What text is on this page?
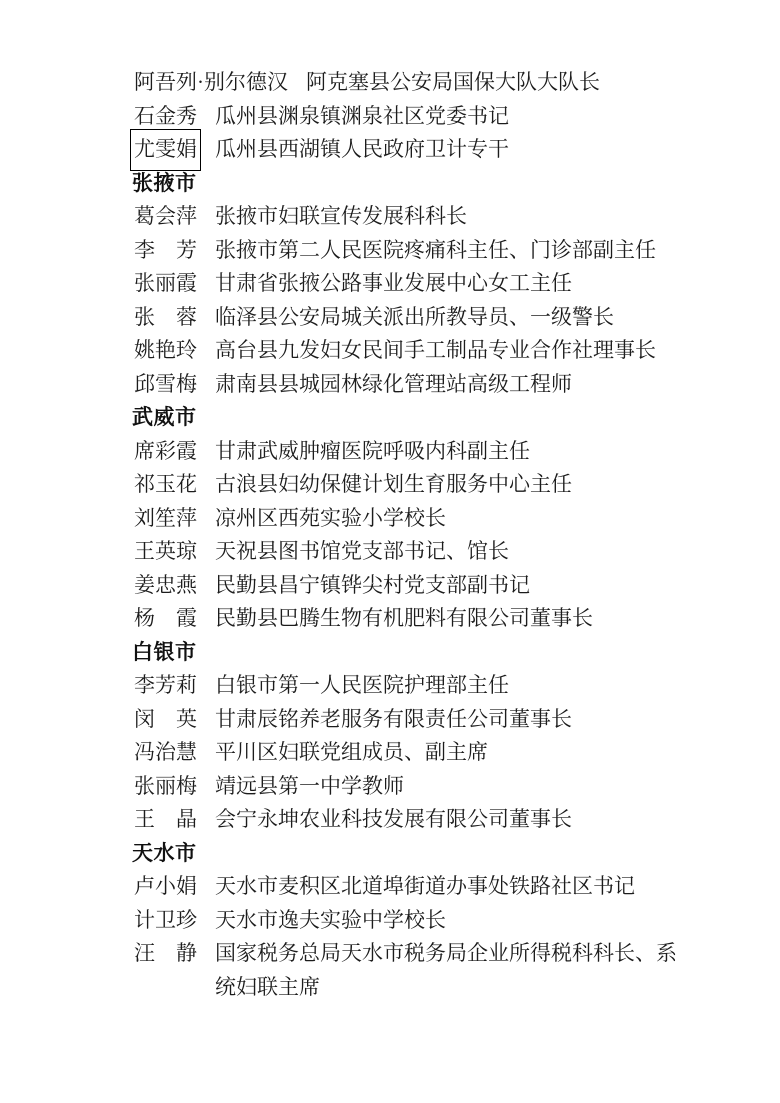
阿吾列·别尔德汉 阿克塞县公安局国保大队大队长
石金秀 瓜州县渊泉镇渊泉社区党委书记
尤雯娟 瓜州县西湖镇人民政府卫计专干
张掖市
葛会萍 张掖市妇联宣传发展科科长
李　芳 张掖市第二人民医院疼痛科主任、门诊部副主任
张丽霞 甘肃省张掖公路事业发展中心女工主任
张　蓉 临泽县公安局城关派出所教导员、一级警长
姚艳玲 高台县九发妇女民间手工制品专业合作社理事长
邱雪梅 肃南县县城园林绿化管理站高级工程师
武威市
席彩霞 甘肃武威肿瘤医院呼吸内科副主任
祁玉花 古浪县妇幼保健计划生育服务中心主任
刘笙萍 凉州区西苑实验小学校长
王英琼 天祝县图书馆党支部书记、馆长
姜忠燕 民勤县昌宁镇铧尖村党支部副书记
杨　霞 民勤县巴腾生物有机肥料有限公司董事长
白银市
李芳莉 白银市第一人民医院护理部主任
闵　英 甘肃辰铭养老服务有限责任公司董事长
冯治慧 平川区妇联党组成员、副主席
张丽梅 靖远县第一中学教师
王　晶 会宁永坤农业科技发展有限公司董事长
天水市
卢小娟 天水市麦积区北道埠街道办事处铁路社区书记
计卫珍 天水市逸夫实验中学校长
汪　静 国家税务总局天水市税务局企业所得税科科长、系统妇联主席
